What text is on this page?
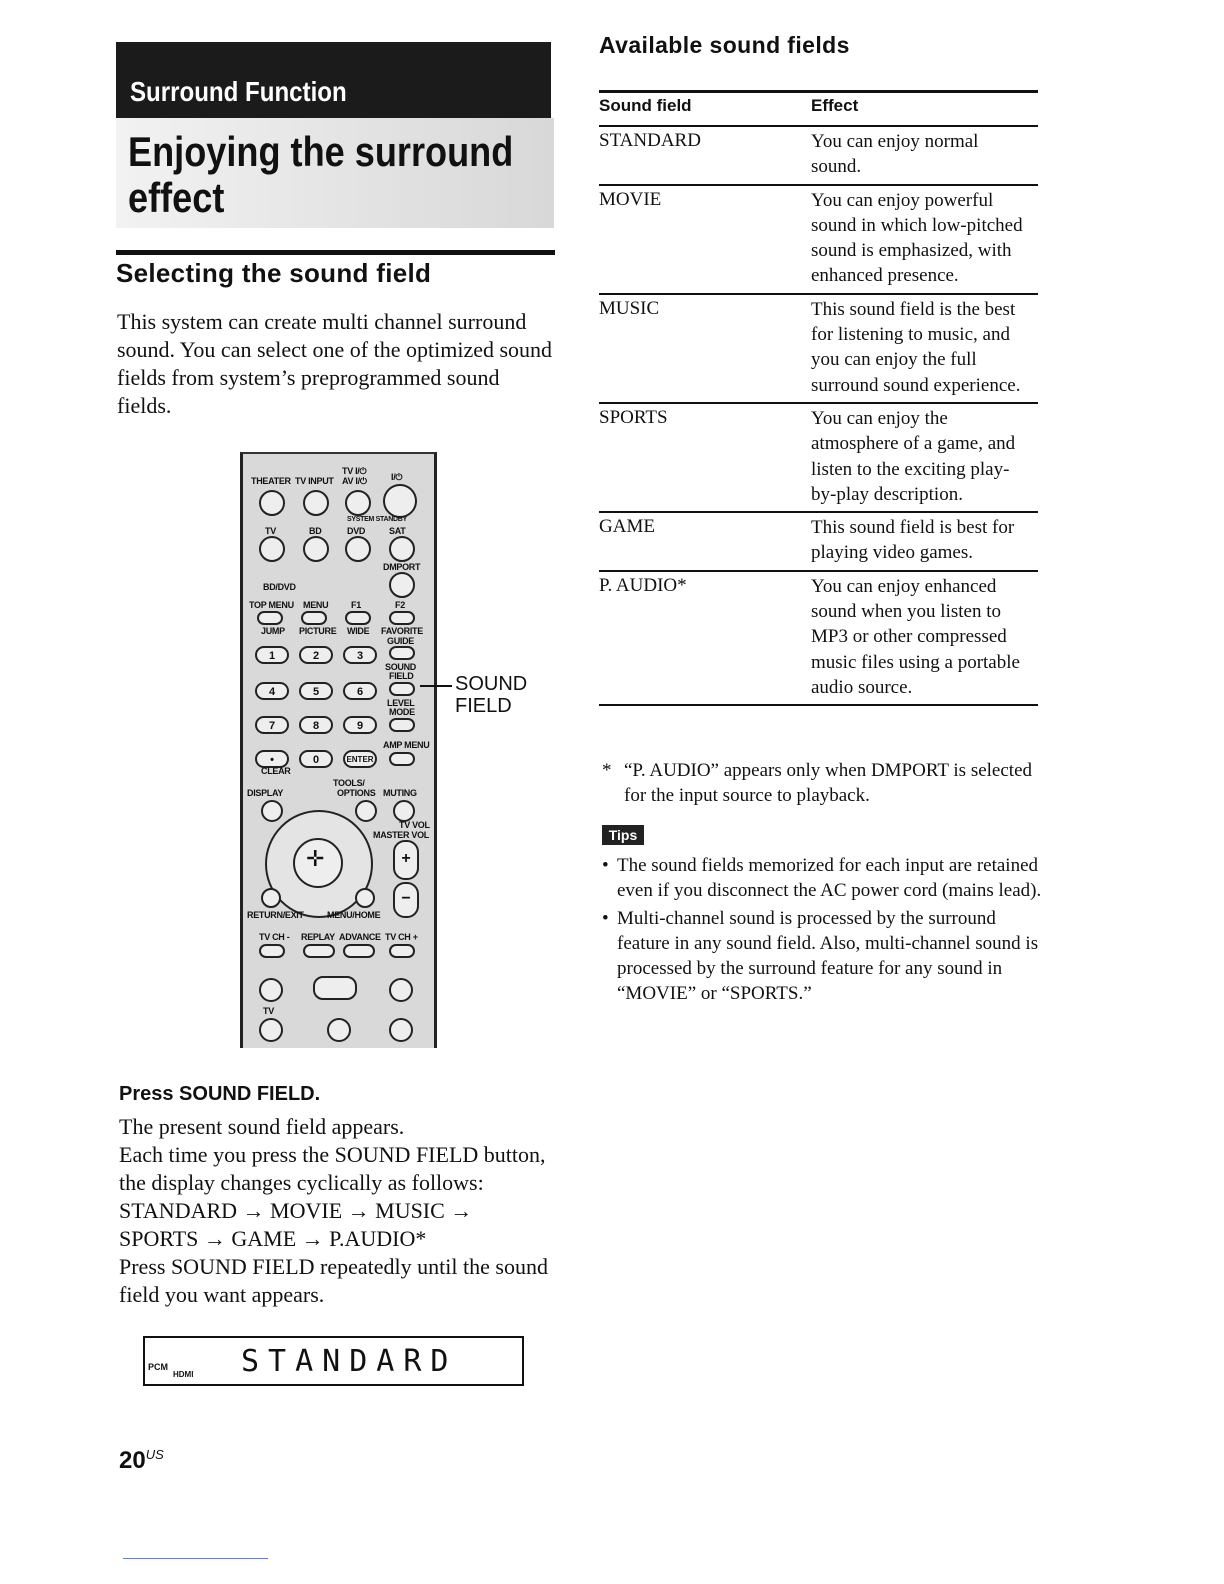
Surround Function
Enjoying the surround
effect
Selecting the sound field
This system can create multi channel surround sound. You can select one of the optimized sound fields from system’s preprogrammed sound fields.
THEATER TV INPUT
TV I/⏻
AV I/⏻	I/⏻
SYSTEM STANDBY
TV	BD	DVD	SAT
DMPORT
BD/DVD
TOP MENU MENU	F1	F2
JUMP PICTURE WIDE FAVORITE
GUIDE
1	2	3
SOUND
FIELD
4	5	6
LEVEL
MODE
7	8	9
AMP MENU
•	0	ENTER
CLEAR
TOOLS/
DISPLAY	OPTIONS MUTING
TV VOL
MASTER VOL
✛	+
−
RETURN/EXIT	MENU/HOME
TV CH - REPLAY ADVANCE TV CH +
TV
SOUND
FIELD
Press SOUND FIELD.
The present sound field appears.
Each time you press the SOUND FIELD button,
the display changes cyclically as follows:
STANDARD → MOVIE → MUSIC →
SPORTS → GAME → P.AUDIO*
Press SOUND FIELD repeatedly until the sound
field you want appears.
PCM
HDMI STANDARD
$20^{US}$
Available sound fields
Sound field	Effect
STANDARD	You can enjoy normal sound.
MOVIE	You can enjoy powerful sound in which low-pitched sound is emphasized, with enhanced presence.
MUSIC	This sound field is the best for listening to music, and you can enjoy the full surround sound experience.
SPORTS	You can enjoy the atmosphere of a game, and listen to the exciting play-by-play description.
GAME	This sound field is best for playing video games.
P. AUDIO*	You can enjoy enhanced sound when you listen to MP3 or other compressed music files using a portable audio source.
* “P. AUDIO” appears only when DMPORT is selected for the input source to playback.
Tips
• The sound fields memorized for each input are retained even if you disconnect the AC power cord (mains lead).
• Multi-channel sound is processed by the surround feature in any sound field. Also, multi-channel sound is processed by the surround feature for any sound in “MOVIE” or “SPORTS.”
